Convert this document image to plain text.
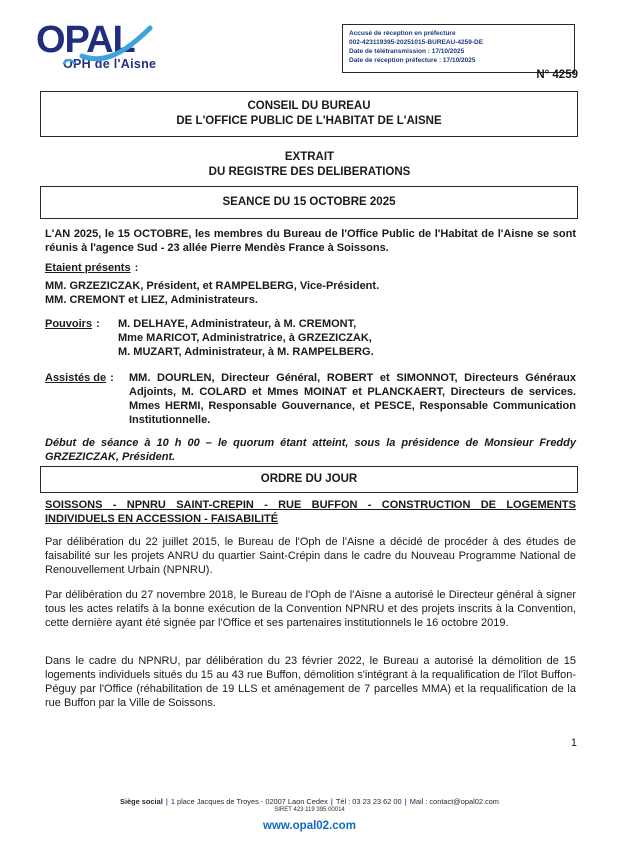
OPAL
OPH de l'Aisne
Accusé de réception en préfecture
002-423119395-20251015-BUREAU-4259-DE
Date de télétransmission : 17/10/2025
Date de réception préfecture : 17/10/2025
N° 4259
CONSEIL DU BUREAU
DE L'OFFICE PUBLIC DE L'HABITAT DE L'AISNE
EXTRAIT
DU REGISTRE DES DELIBERATIONS
SEANCE DU 15 OCTOBRE 2025

L'AN 2025, le 15 OCTOBRE, les membres du Bureau de l'Office Public de l'Habitat de l'Aisne se sont réunis à l'agence Sud - 23 allée Pierre Mendès France à Soissons.

Etaient présents :

MM. GRZEZICZAK, Président, et RAMPELBERG, Vice-Président.
MM. CREMONT et LIEZ, Administrateurs.
Pouvoirs :	M. DELHAYE, Administrateur, à M. CREMONT,
Mme MARICOT, Administratrice, à GRZEZICZAK,
M. MUZART, Administrateur, à M. RAMPELBERG.
Assistés de :	MM. DOURLEN, Directeur Général, ROBERT et SIMONNOT, Directeurs Généraux Adjoints, M. COLARD et Mmes MOINAT et PLANCKAERT, Directeurs de services. Mmes HERMI, Responsable Gouvernance, et PESCE, Responsable Communication Institutionnelle.

Début de séance à 10 h 00 – le quorum étant atteint, sous la présidence de Monsieur Freddy GRZEZICZAK, Président.

ORDRE DU JOUR

SOISSONS - NPNRU SAINT-CREPIN - RUE BUFFON - CONSTRUCTION DE LOGEMENTS INDIVIDUELS EN ACCESSION - FAISABILITÉ

Par délibération du 22 juillet 2015, le Bureau de l'Oph de l'Aisne a décidé de procéder à des études de faisabilité sur les projets ANRU du quartier Saint-Crépin dans le cadre du Nouveau Programme National de Renouvellement Urbain (NPNRU).

Par délibération du 27 novembre 2018, le Bureau de l'Oph de l'Aisne a autorisé le Directeur général à signer tous les actes relatifs à la bonne exécution de la Convention NPNRU et des projets inscrits à la Convention, cette dernière ayant été signée par l'Office et ses partenaires institutionnels le 16 octobre 2019.

Dans le cadre du NPNRU, par délibération du 23 février 2022, le Bureau a autorisé la démolition de 15 logements individuels situés du 15 au 43 rue Buffon, démolition s'intégrant à la requalification de l'îlot Buffon-Péguy par l'Office (réhabilitation de 19 LLS et aménagement de 7 parcelles MMA) et la requalification de la rue Buffon par la Ville de Soissons.

1
Siège social | 1 place Jacques de Troyes - 02007 Laon Cedex | Tél : 03 23 23 62 00 | Mail : contact@opal02.com
SIRET 423 119 395 00014
www.opal02.com
